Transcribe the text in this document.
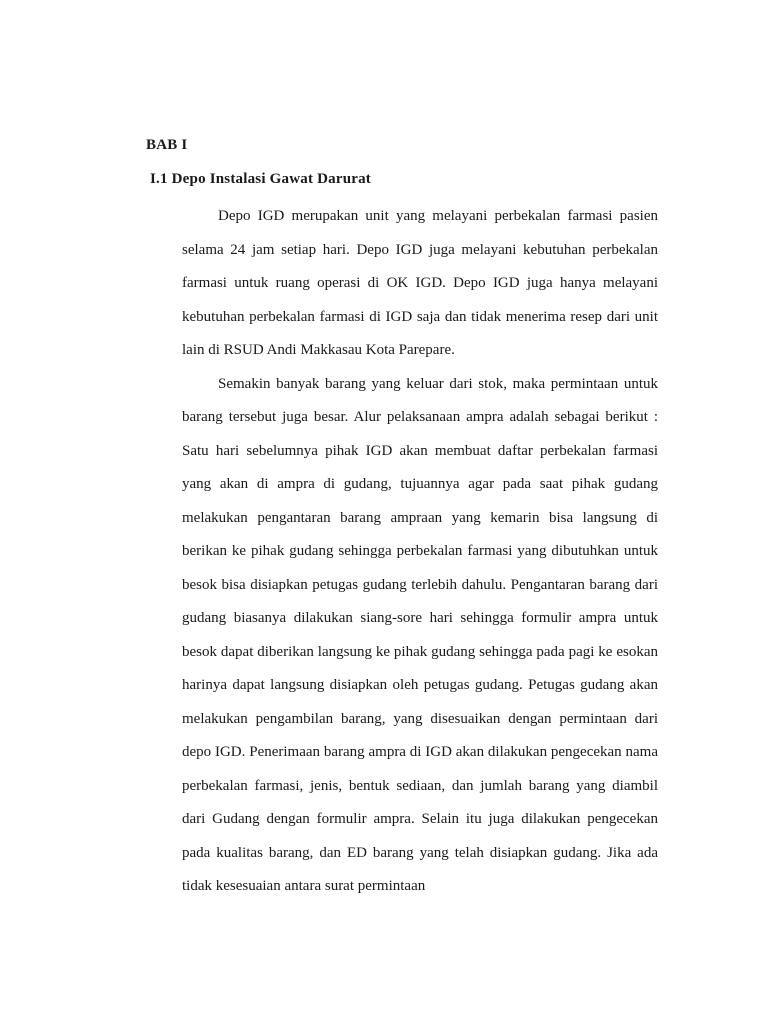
BAB I
I.1 Depo Instalasi Gawat Darurat

Depo IGD merupakan unit yang melayani perbekalan farmasi pasien selama 24 jam setiap hari. Depo IGD juga melayani kebutuhan perbekalan farmasi untuk ruang operasi di OK IGD. Depo IGD juga hanya melayani kebutuhan perbekalan farmasi di IGD saja dan tidak menerima resep dari unit lain di RSUD Andi Makkasau Kota Parepare.

Semakin banyak barang yang keluar dari stok, maka permintaan untuk barang tersebut juga besar. Alur pelaksanaan ampra adalah sebagai berikut : Satu hari sebelumnya pihak IGD akan membuat daftar perbekalan farmasi yang akan di ampra di gudang, tujuannya agar pada saat pihak gudang melakukan pengantaran barang ampraan yang kemarin bisa langsung di berikan ke pihak gudang sehingga perbekalan farmasi yang dibutuhkan untuk besok bisa disiapkan petugas gudang terlebih dahulu. Pengantaran barang dari gudang biasanya dilakukan siang-sore hari sehingga formulir ampra untuk besok dapat diberikan langsung ke pihak gudang sehingga pada pagi ke esokan harinya dapat langsung disiapkan oleh petugas gudang. Petugas gudang akan melakukan pengambilan barang, yang disesuaikan dengan permintaan dari depo IGD. Penerimaan barang ampra di IGD akan dilakukan pengecekan nama perbekalan farmasi, jenis, bentuk sediaan, dan jumlah barang yang diambil dari Gudang dengan formulir ampra. Selain itu juga dilakukan pengecekan pada kualitas barang, dan ED barang yang telah disiapkan gudang. Jika ada tidak kesesuaian antara surat permintaan
